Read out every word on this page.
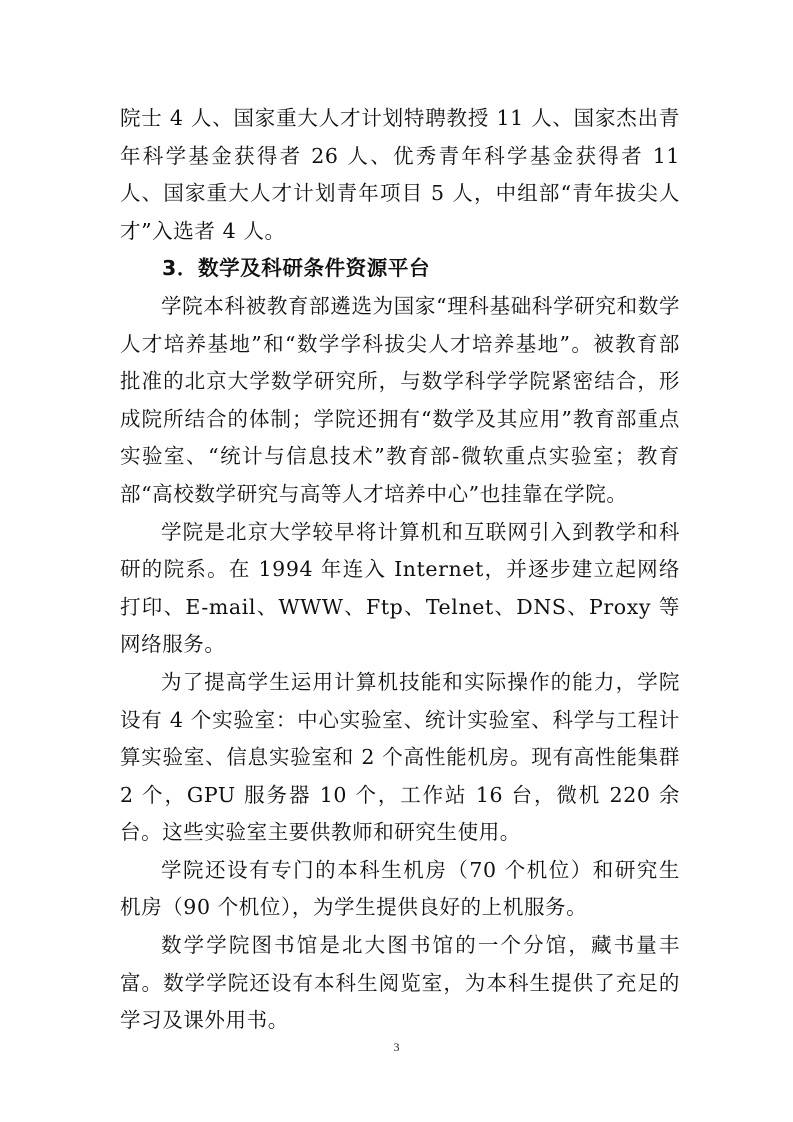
院士 4 人、国家重大人才计划特聘教授 11 人、国家杰出青年科学基金获得者 26 人、优秀青年科学基金获得者 11 人、国家重大人才计划青年项目 5 人，中组部“青年拔尖人才”入选者 4 人。

3．数学及科研条件资源平台

学院本科被教育部遴选为国家“理科基础科学研究和数学人才培养基地”和“数学学科拔尖人才培养基地”。被教育部批准的北京大学数学研究所，与数学科学学院紧密结合，形成院所结合的体制；学院还拥有“数学及其应用”教育部重点实验室、“统计与信息技术”教育部-微软重点实验室；教育部“高校数学研究与高等人才培养中心”也挂靠在学院。

学院是北京大学较早将计算机和互联网引入到教学和科研的院系。在 1994 年连入 Internet，并逐步建立起网络打印、E-mail、WWW、Ftp、Telnet、DNS、Proxy 等网络服务。

为了提高学生运用计算机技能和实际操作的能力，学院设有 4 个实验室：中心实验室、统计实验室、科学与工程计算实验室、信息实验室和 2 个高性能机房。现有高性能集群 2 个，GPU 服务器 10 个，工作站 16 台，微机 220 余台。这些实验室主要供教师和研究生使用。

学院还设有专门的本科生机房（70 个机位）和研究生机房（90 个机位），为学生提供良好的上机服务。

数学学院图书馆是北大图书馆的一个分馆，藏书量丰富。数学学院还设有本科生阅览室，为本科生提供了充足的学习及课外用书。

3
